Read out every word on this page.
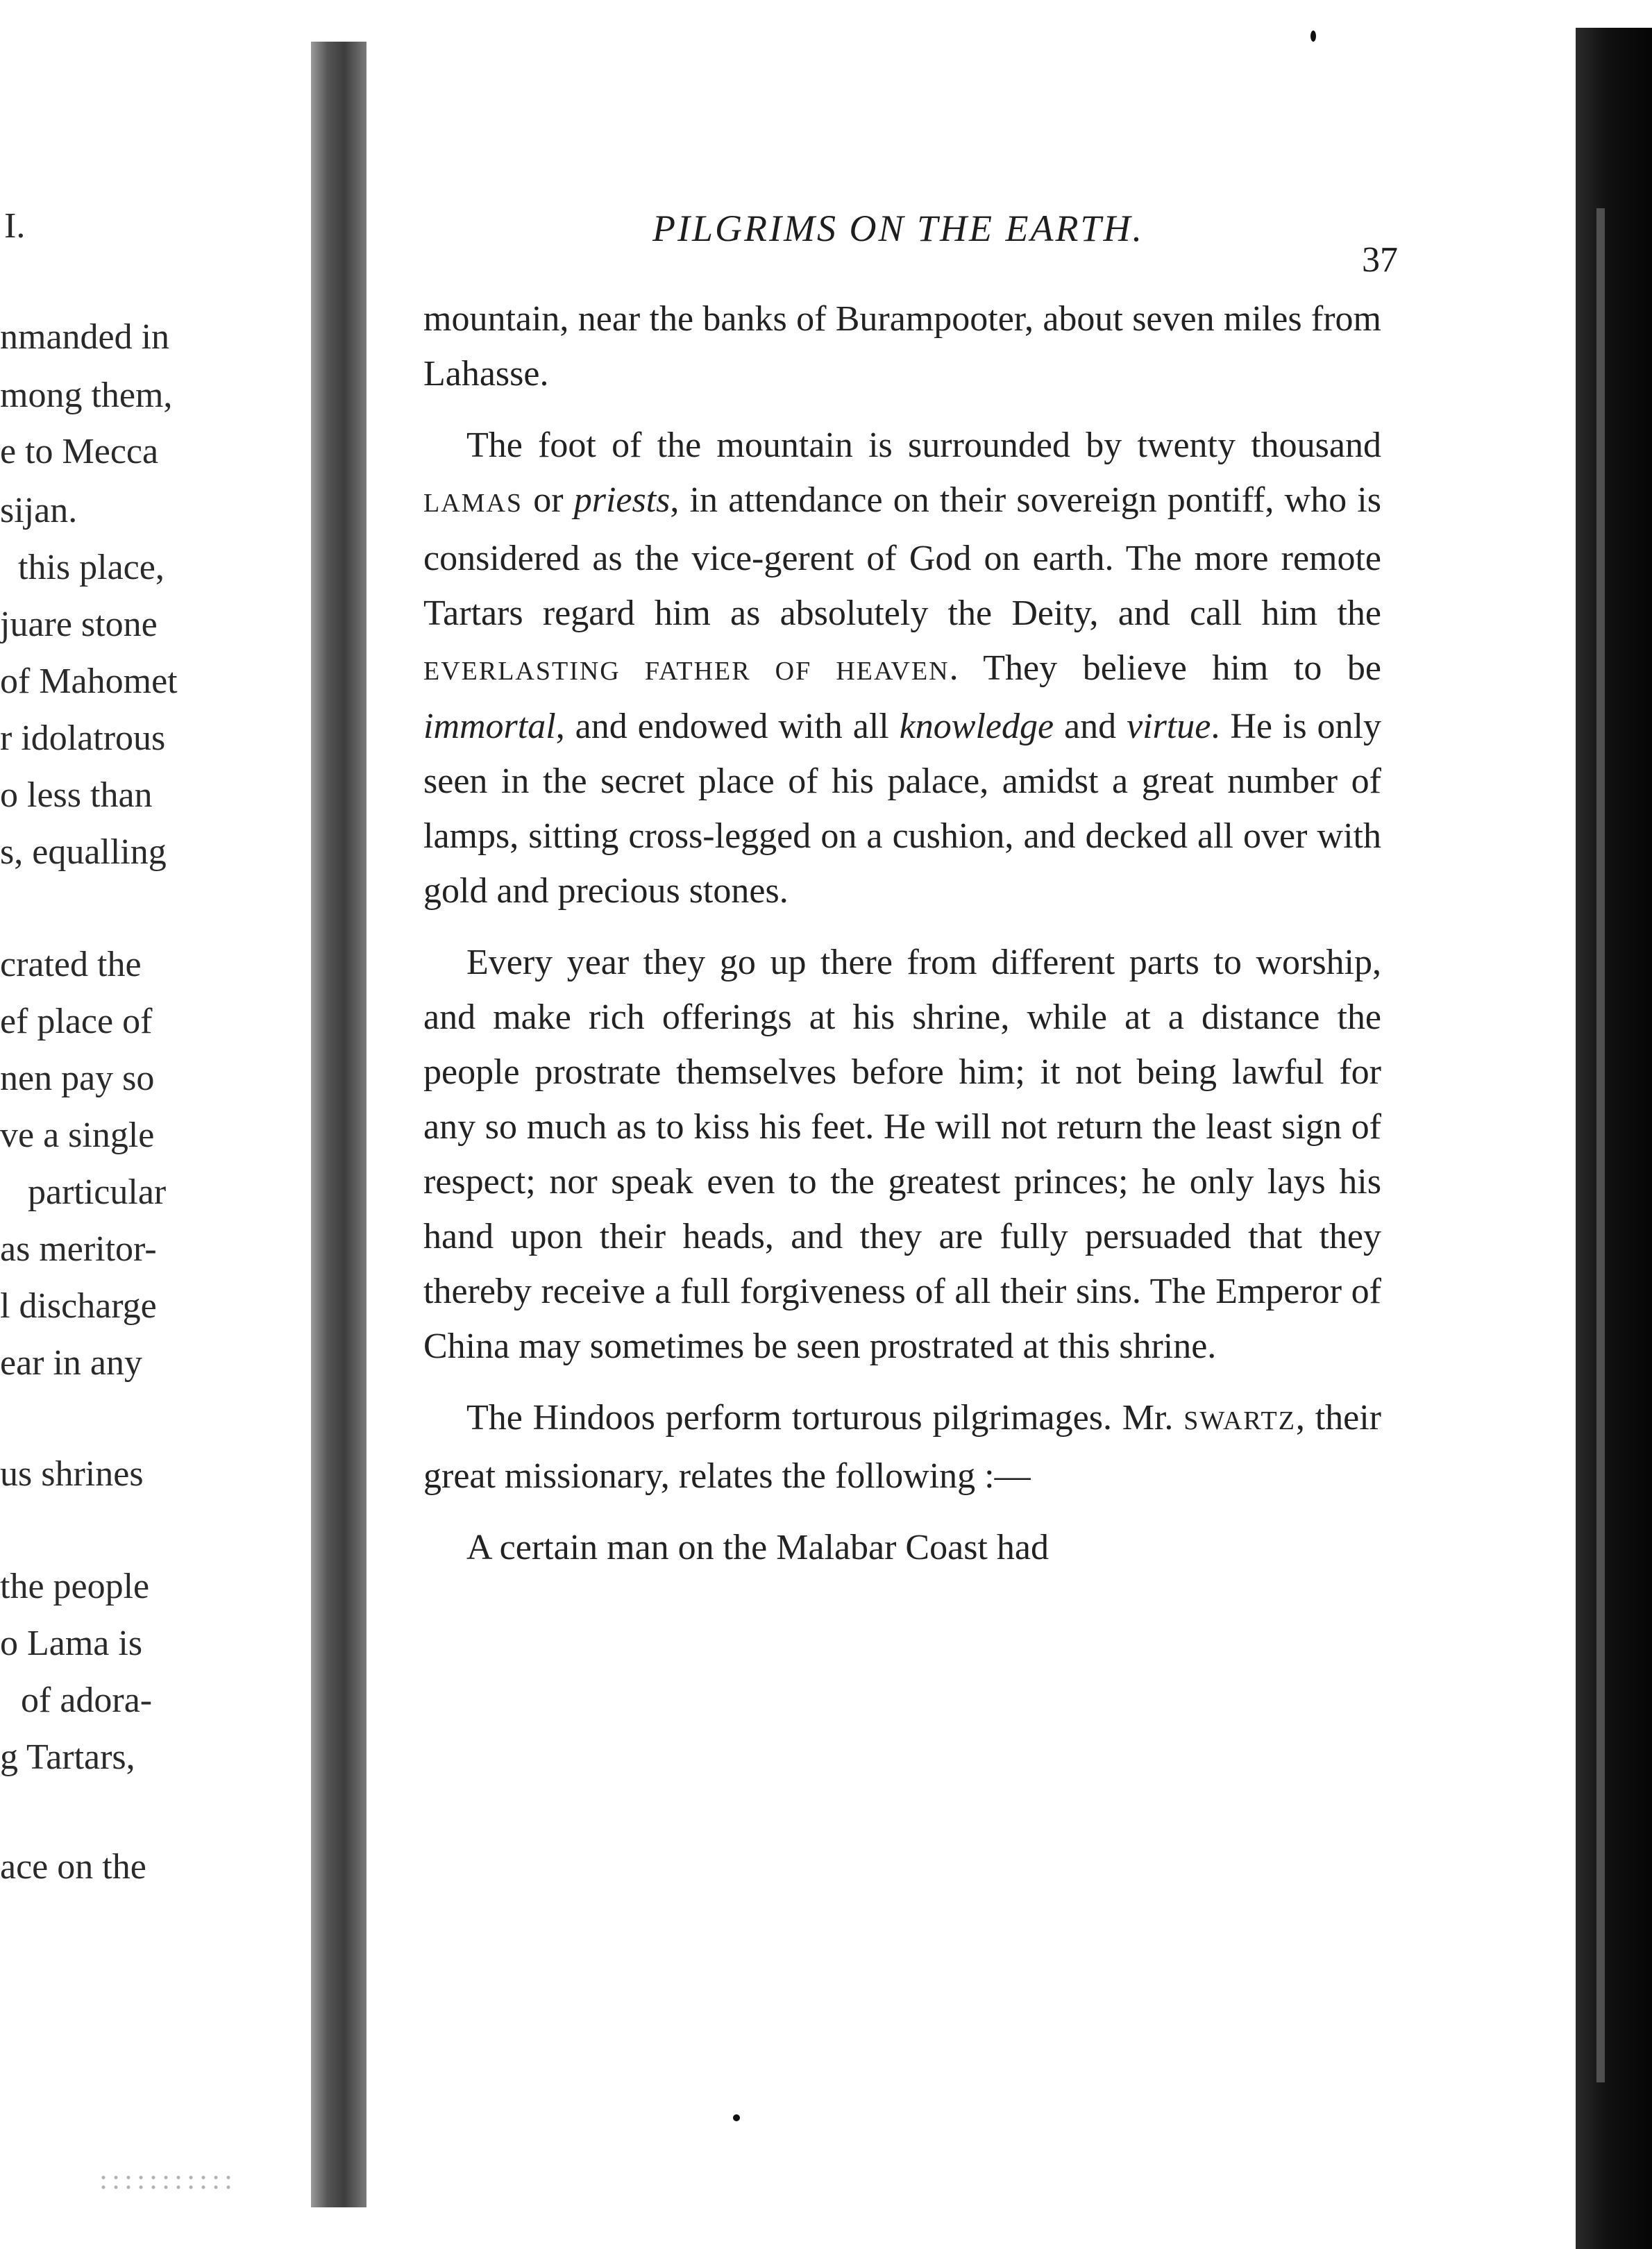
I.
nmanded in
mong them,
e to Mecca
sijan.
this place,
juare stone
of Mahomet
r idolatrous
o less than
s, equalling
crated the
ef place of
nen pay so
ve a single
particular
as meritor-
l discharge
ear in any
us shrines
the people
o Lama is
of adora-
g Tartars,
ace on the
PILGRIMS ON THE EARTH.
37

mountain, near the banks of Burampooter, about seven miles from Lahasse.

The foot of the mountain is surrounded by twenty thousand LAMAS or priests, in attendance on their sovereign pontiff, who is considered as the vice-gerent of God on earth. The more remote Tartars regard him as absolutely the Deity, and call him the EVERLASTING FATHER OF HEAVEN. They believe him to be immortal, and endowed with all knowledge and virtue. He is only seen in the secret place of his palace, amidst a great number of lamps, sitting cross-legged on a cushion, and decked all over with gold and precious stones.

Every year they go up there from different parts to worship, and make rich offerings at his shrine, while at a distance the people prostrate themselves before him; it not being lawful for any so much as to kiss his feet. He will not return the least sign of respect; nor speak even to the greatest princes; he only lays his hand upon their heads, and they are fully persuaded that they thereby receive a full forgiveness of all their sins. The Emperor of China may sometimes be seen prostrated at this shrine.

The Hindoos perform torturous pilgrimages. Mr. SWARTZ, their great missionary, relates the following :—

A certain man on the Malabar Coast had
